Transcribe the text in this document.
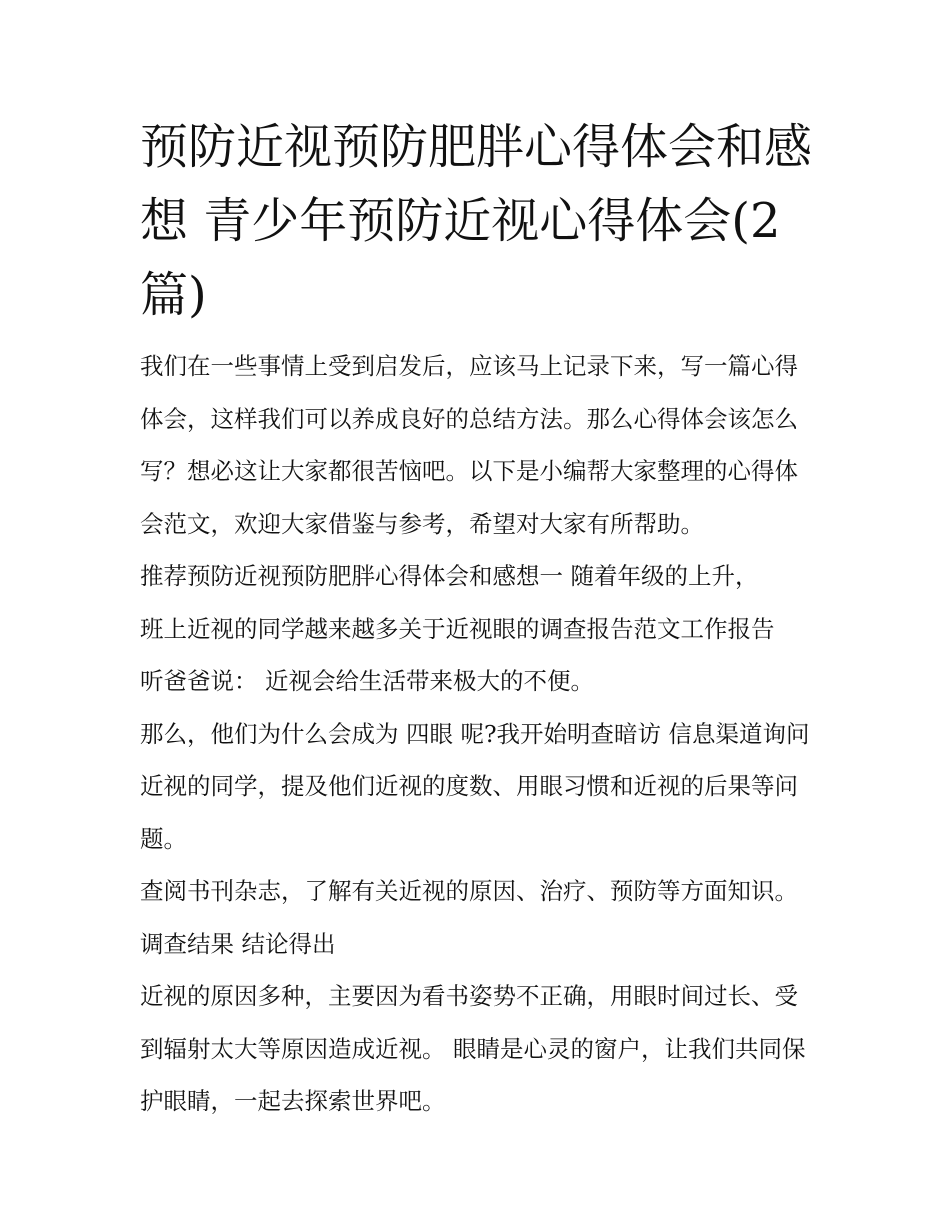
预防近视预防肥胖心得体会和感想 青少年预防近视心得体会(2篇)

我们在一些事情上受到启发后，应该马上记录下来，写一篇心得体会，这样我们可以养成良好的总结方法。那么心得体会该怎么写？想必这让大家都很苦恼吧。以下是小编帮大家整理的心得体会范文，欢迎大家借鉴与参考，希望对大家有所帮助。

推荐预防近视预防肥胖心得体会和感想一 随着年级的上升，

班上近视的同学越来越多关于近视眼的调查报告范文工作报告

听爸爸说： 近视会给生活带来极大的不便。

那么，他们为什么会成为 四眼 呢?我开始明查暗访 信息渠道询问近视的同学，提及他们近视的度数、用眼习惯和近视的后果等问题。

查阅书刊杂志，了解有关近视的原因、治疗、预防等方面知识。 调查结果 结论得出

近视的原因多种，主要因为看书姿势不正确，用眼时间过长、受到辐射太大等原因造成近视。 眼睛是心灵的窗户，让我们共同保护眼睛，一起去探索世界吧。
